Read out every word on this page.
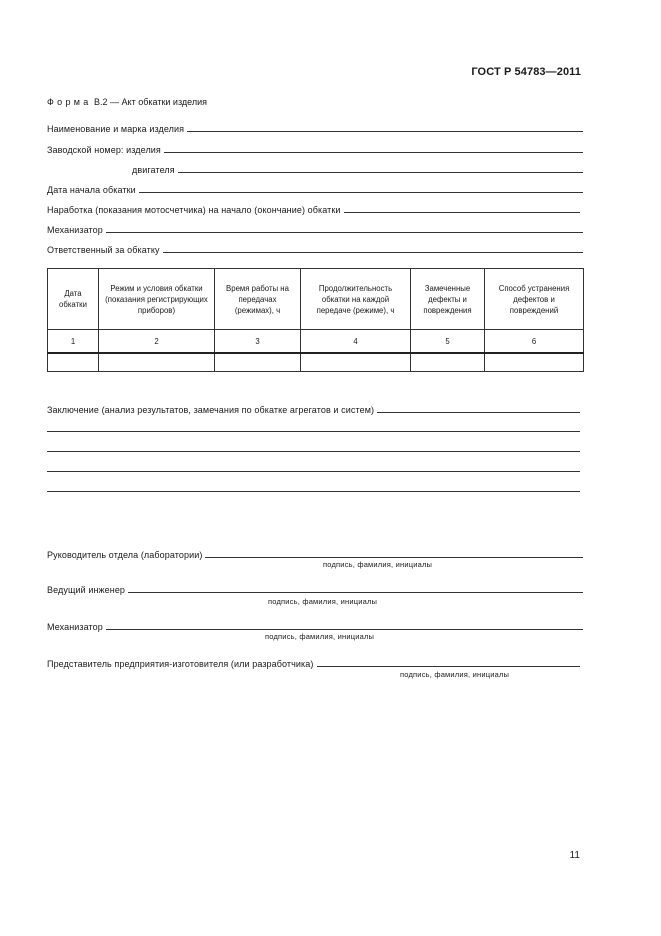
ГОСТ Р 54783—2011
Форма В.2 — Акт обкатки изделия
Наименование и марка изделия
Заводской номер: изделия
двигателя
Дата начала обкатки
Наработка (показания мотосчетчика) на начало (окончание) обкатки
Механизатор
Ответственный за обкатку
Дата обкатки	Режим и условия обкатки (показания регистрирующих приборов)	Время работы на передачах (режимах), ч	Продолжительность обкатки на каждой передаче (режиме), ч	Замеченные дефекты и повреждения	Способ устранения дефектов и повреждений
1	2	3	4	5	6

Заключение (анализ результатов, замечания по обкатке агрегатов и систем)
Руководитель отдела (лаборатории)
подпись, фамилия, инициалы
Ведущий инженер
подпись, фамилия, инициалы
Механизатор
подпись, фамилия, инициалы
Представитель предприятия-изготовителя (или разработчика)
подпись, фамилия, инициалы
11
